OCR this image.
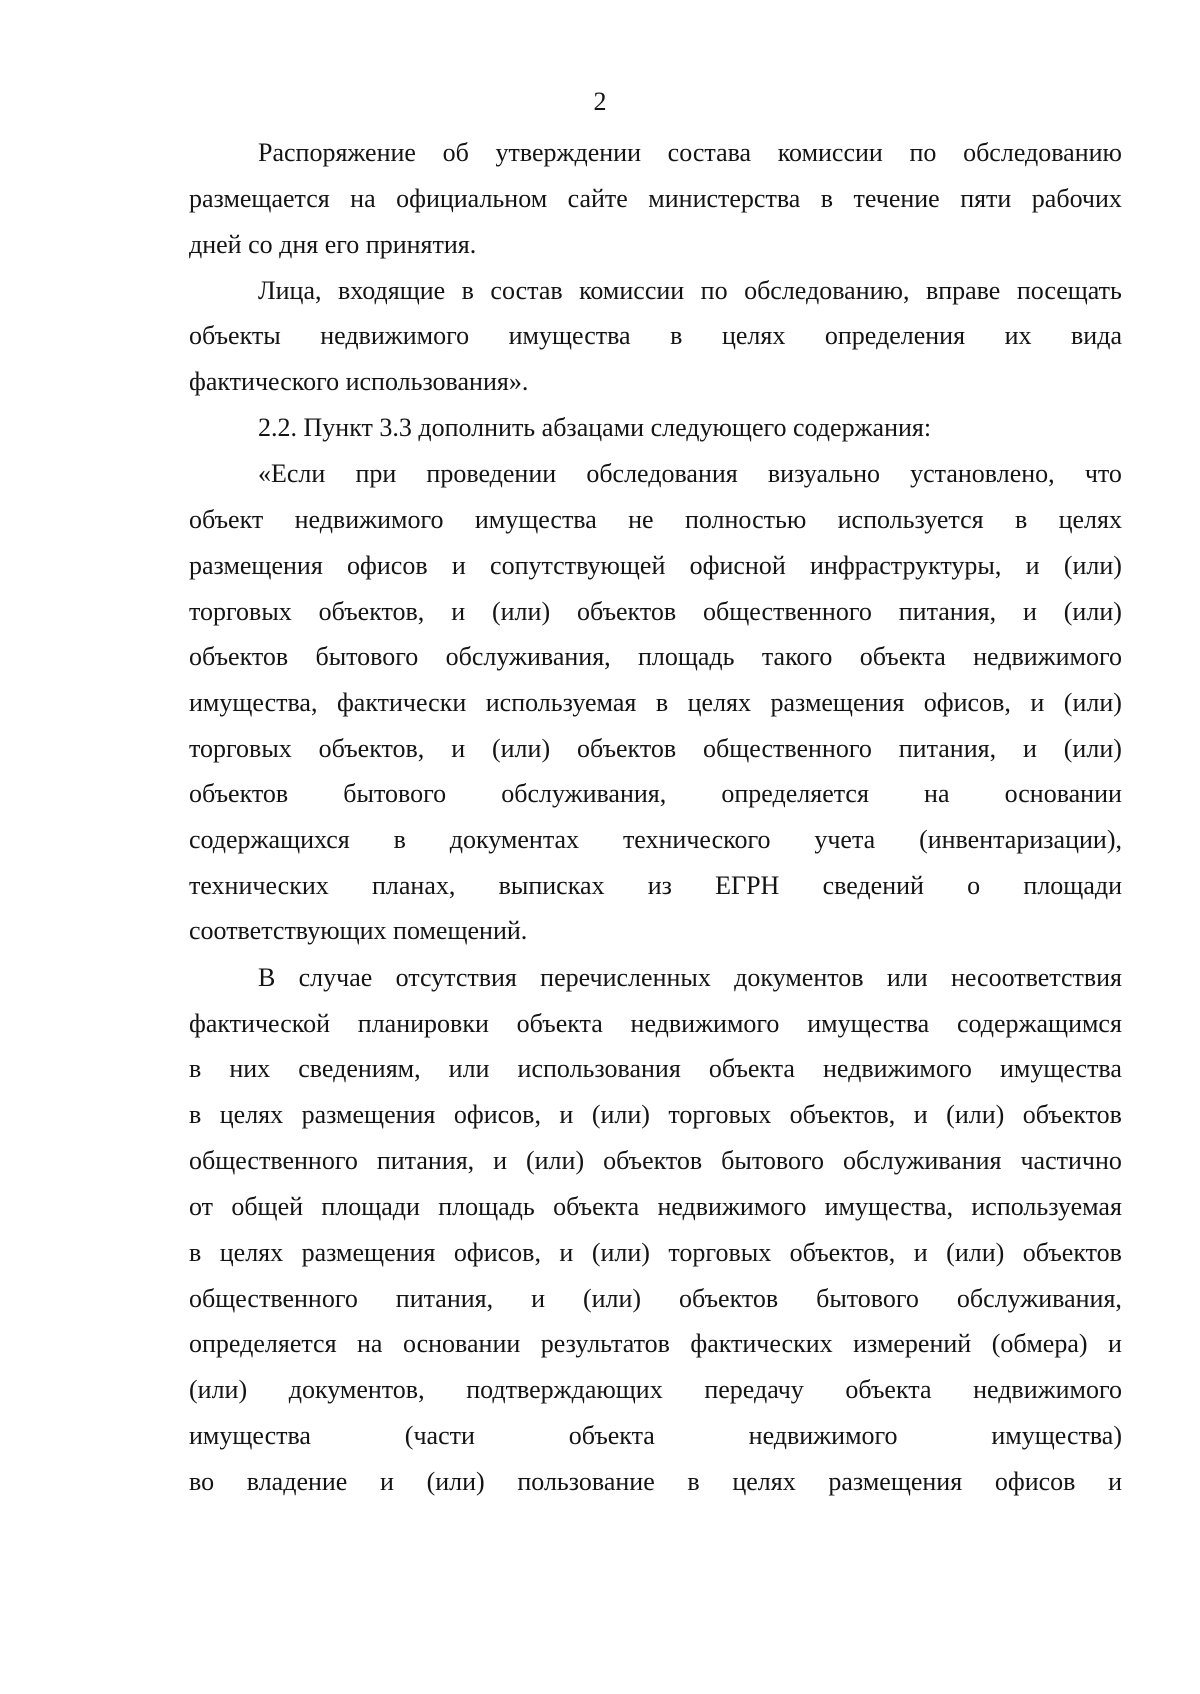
2
Распоряжение об утверждении состава комиссии по обследованию
размещается на официальном сайте министерства в течение пяти рабочих
дней со дня его принятия.
Лица, входящие в состав комиссии по обследованию, вправе посещать
объекты недвижимого имущества в целях определения их вида
фактического использования».
2.2. Пункт 3.3 дополнить абзацами следующего содержания:
«Если при проведении обследования визуально установлено, что
объект недвижимого имущества не полностью используется в целях
размещения офисов и сопутствующей офисной инфраструктуры, и (или)
торговых объектов, и (или) объектов общественного питания, и (или)
объектов бытового обслуживания, площадь такого объекта недвижимого
имущества, фактически используемая в целях размещения офисов, и (или)
торговых объектов, и (или) объектов общественного питания, и (или)
объектов бытового обслуживания, определяется на основании
содержащихся в документах технического учета (инвентаризации),
технических планах, выписках из ЕГРН сведений о площади
соответствующих помещений.
В случае отсутствия перечисленных документов или несоответствия
фактической планировки объекта недвижимого имущества содержащимся
в них сведениям, или использования объекта недвижимого имущества
в целях размещения офисов, и (или) торговых объектов, и (или) объектов
общественного питания, и (или) объектов бытового обслуживания частично
от общей площади площадь объекта недвижимого имущества, используемая
в целях размещения офисов, и (или) торговых объектов, и (или) объектов
общественного питания, и (или) объектов бытового обслуживания,
определяется на основании результатов фактических измерений (обмера) и
(или) документов, подтверждающих передачу объекта недвижимого
имущества	(части	объекта	недвижимого	имущества)
во владение и (или) пользование в целях размещения офисов и
